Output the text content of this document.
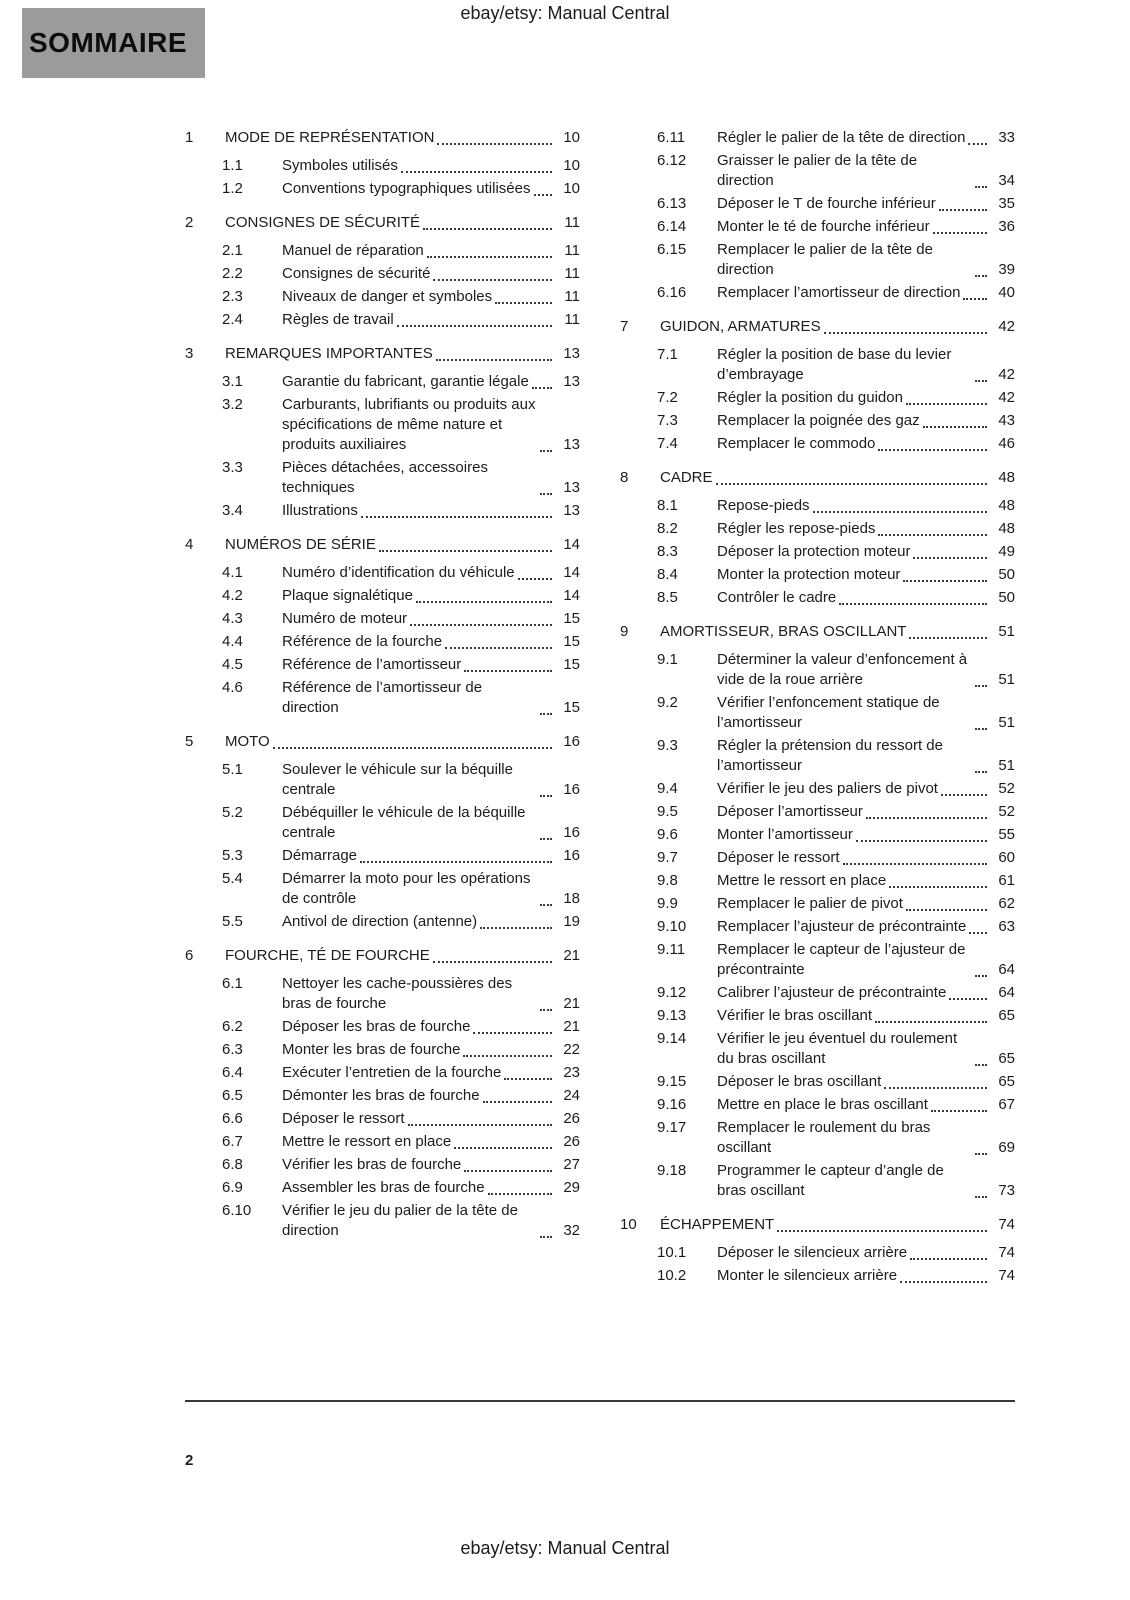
ebay/etsy: Manual Central
SOMMAIRE
1	MODE DE REPRÉSENTATION	10
1.1	Symboles utilisés	10
1.2	Conventions typographiques utilisées	10
2	CONSIGNES DE SÉCURITÉ	11
2.1	Manuel de réparation	11
2.2	Consignes de sécurité	11
2.3	Niveaux de danger et symboles	11
2.4	Règles de travail	11
3	REMARQUES IMPORTANTES	13
3.1	Garantie du fabricant, garantie légale	13
3.2	Carburants, lubrifiants ou produits aux spécifications de même nature et produits auxiliaires	13
3.3	Pièces détachées, accessoires techniques	13
3.4	Illustrations	13
4	NUMÉROS DE SÉRIE	14
4.1	Numéro d’identification du véhicule	14
4.2	Plaque signalétique	14
4.3	Numéro de moteur	15
4.4	Référence de la fourche	15
4.5	Référence de l’amortisseur	15
4.6	Référence de l’amortisseur de direction	15
5	MOTO	16
5.1	Soulever le véhicule sur la béquille centrale	16
5.2	Débéquiller le véhicule de la béquille centrale	16
5.3	Démarrage	16
5.4	Démarrer la moto pour les opérations de contrôle	18
5.5	Antivol de direction (antenne)	19
6	FOURCHE, TÉ DE FOURCHE	21
6.1	Nettoyer les cache-poussières des bras de fourche	21
6.2	Déposer les bras de fourche	21
6.3	Monter les bras de fourche	22
6.4	Exécuter l’entretien de la fourche	23
6.5	Démonter les bras de fourche	24
6.6	Déposer le ressort	26
6.7	Mettre le ressort en place	26
6.8	Vérifier les bras de fourche	27
6.9	Assembler les bras de fourche	29
6.10	Vérifier le jeu du palier de la tête de direction	32
6.11	Régler le palier de la tête de direction	33
6.12	Graisser le palier de la tête de direction	34
6.13	Déposer le T de fourche inférieur	35
6.14	Monter le té de fourche inférieur	36
6.15	Remplacer le palier de la tête de direction	39
6.16	Remplacer l’amortisseur de direction	40
7	GUIDON, ARMATURES	42
7.1	Régler la position de base du levier d’embrayage	42
7.2	Régler la position du guidon	42
7.3	Remplacer la poignée des gaz	43
7.4	Remplacer le commodo	46
8	CADRE	48
8.1	Repose-pieds	48
8.2	Régler les repose-pieds	48
8.3	Déposer la protection moteur	49
8.4	Monter la protection moteur	50
8.5	Contrôler le cadre	50
9	AMORTISSEUR, BRAS OSCILLANT	51
9.1	Déterminer la valeur d’enfoncement à vide de la roue arrière	51
9.2	Vérifier l’enfoncement statique de l’amortisseur	51
9.3	Régler la prétension du ressort de l’amortisseur	51
9.4	Vérifier le jeu des paliers de pivot	52
9.5	Déposer l’amortisseur	52
9.6	Monter l’amortisseur	55
9.7	Déposer le ressort	60
9.8	Mettre le ressort en place	61
9.9	Remplacer le palier de pivot	62
9.10	Remplacer l’ajusteur de précontrainte	63
9.11	Remplacer le capteur de l’ajusteur de précontrainte	64
9.12	Calibrer l’ajusteur de précontrainte	64
9.13	Vérifier le bras oscillant	65
9.14	Vérifier le jeu éventuel du roulement du bras oscillant	65
9.15	Déposer le bras oscillant	65
9.16	Mettre en place le bras oscillant	67
9.17	Remplacer le roulement du bras oscillant	69
9.18	Programmer le capteur d’angle de bras oscillant	73
10	ÉCHAPPEMENT	74
10.1	Déposer le silencieux arrière	74
10.2	Monter le silencieux arrière	74
2
ebay/etsy: Manual Central
